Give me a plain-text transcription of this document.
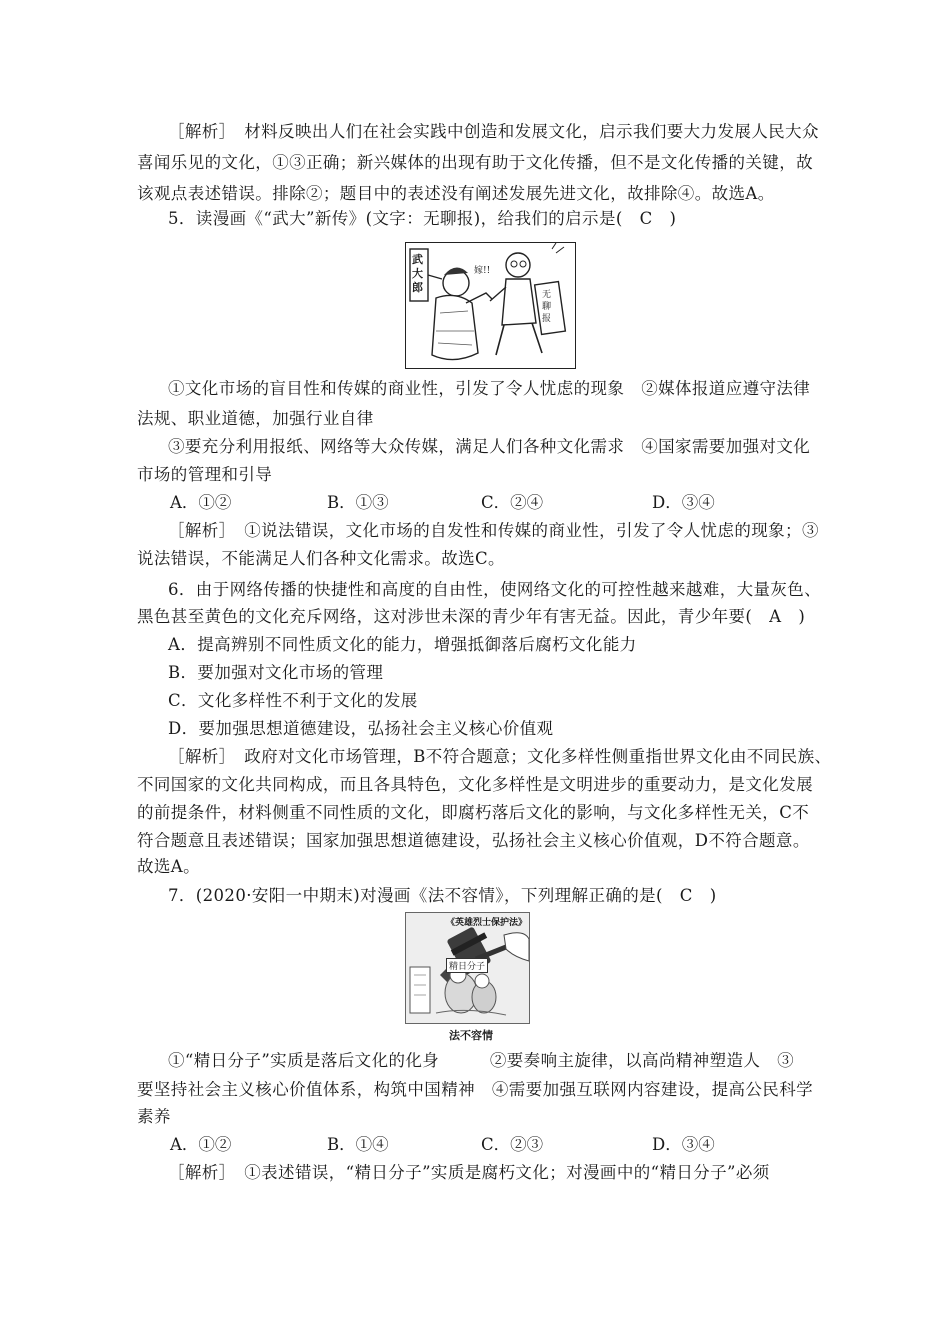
［解析］　材料反映出人们在社会实践中创造和发展文化，启示我们要大力发展人民大众
喜闻乐见的文化，①③正确；新兴媒体的出现有助于文化传播，但不是文化传播的关键，故
该观点表述错误。排除②；题目中的表述没有阐述发展先进文化，故排除④。故选A。
5．读漫画《“武大”新传》(文字：无聊报)，给我们的启示是(　C　)
嫁!!
武大郎
无聊报
①文化市场的盲目性和传媒的商业性，引发了令人忧虑的现象　②媒体报道应遵守法律
法规、职业道德，加强行业自律
③要充分利用报纸、网络等大众传媒，满足人们各种文化需求　④国家需要加强对文化
市场的管理和引导
A．①②	B．①③	C．②④	D．③④
［解析］　①说法错误，文化市场的自发性和传媒的商业性，引发了令人忧虑的现象；③
说法错误，不能满足人们各种文化需求。故选C。
6．由于网络传播的快捷性和高度的自由性，使网络文化的可控性越来越难，大量灰色、
黑色甚至黄色的文化充斥网络，这对涉世未深的青少年有害无益。因此，青少年要(　A　)
A．提高辨别不同性质文化的能力，增强抵御落后腐朽文化能力
B．要加强对文化市场的管理
C．文化多样性不利于文化的发展
D．要加强思想道德建设，弘扬社会主义核心价值观
［解析］　政府对文化市场管理，B不符合题意；文化多样性侧重指世界文化由不同民族、
不同国家的文化共同构成，而且各具特色，文化多样性是文明进步的重要动力，是文化发展
的前提条件，材料侧重不同性质的文化，即腐朽落后文化的影响，与文化多样性无关，C不
符合题意且表述错误；国家加强思想道德建设，弘扬社会主义核心价值观，D不符合题意。
故选A。
7．(2020·安阳一中期末)对漫画《法不容情》，下列理解正确的是(　C　)
《英雄烈士保护法》
精日分子
法不容情
①“精日分子”实质是落后文化的化身　　　②要奏响主旋律，以高尚精神塑造人　③
要坚持社会主义核心价值体系，构筑中国精神　④需要加强互联网内容建设，提高公民科学
素养
A．①②	B．①④	C．②③	D．③④
［解析］　①表述错误，“精日分子”实质是腐朽文化；对漫画中的“精日分子”必须
